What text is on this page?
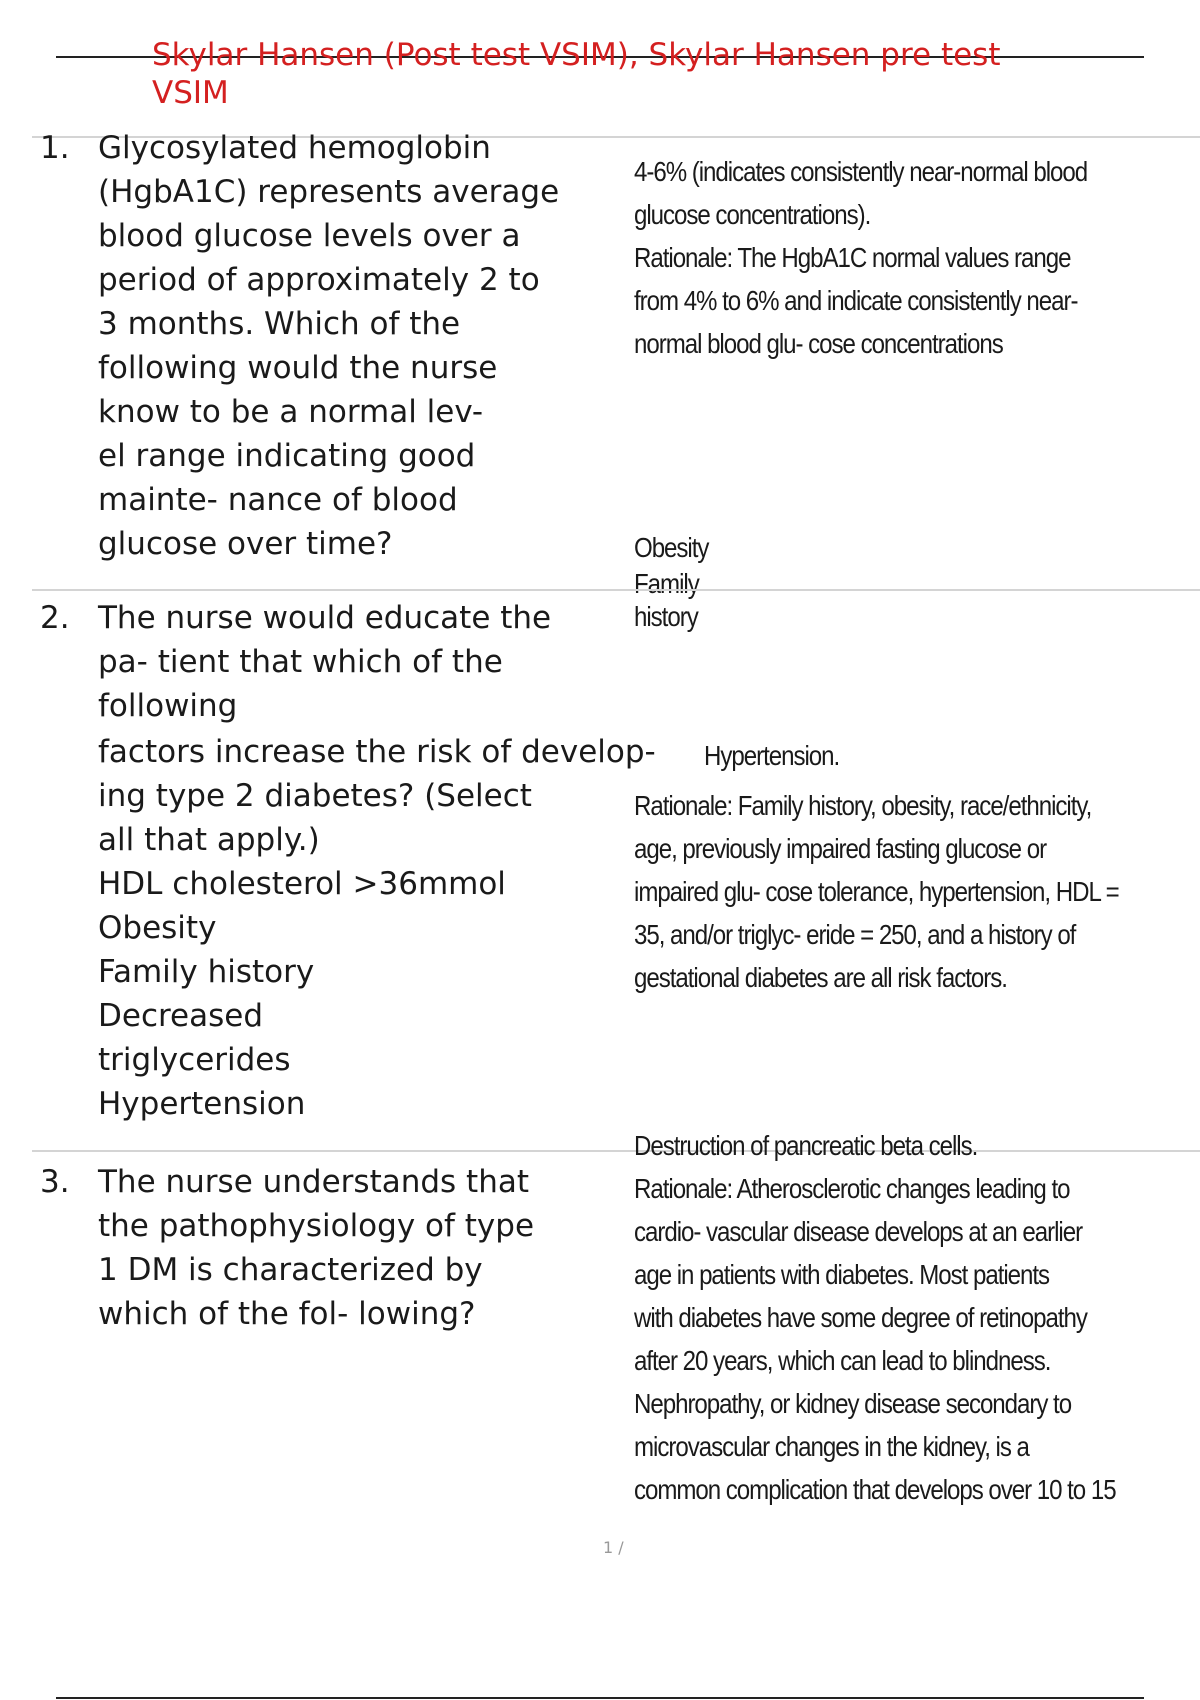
Skylar Hansen (Post test VSIM), Skylar Hansen pre test VSIM
1. Glycosylated hemoglobin
(HgbA1C) represents average
blood glucose levels over a
period of approximately 2 to
3 months. Which of the
following would the nurse
know to be a normal lev-
el range indicating good
mainte- nance of blood
glucose over time?
4-6% (indicates consistently near-normal blood
glucose concentrations).
Rationale: The HgbA1C normal values range
from 4% to 6% and indicate consistently near-
normal blood glu- cose concentrations
Obesity
Family
history
2. The nurse would educate the
pa- tient that which of the
following
factors increase the risk of develop-
ing type 2 diabetes? (Select
all that apply.)
HDL cholesterol >36mmol
Obesity
Family history
Decreased
triglycerides
Hypertension
Hypertension.
Rationale: Family history, obesity, race/ethnicity,
age, previously impaired fasting glucose or
impaired glu- cose tolerance, hypertension, HDL =
35, and/or triglyc- eride = 250, and a history of
gestational diabetes are all risk factors.
3. The nurse understands that
the pathophysiology of type
1 DM is characterized by
which of the fol- lowing?
Destruction of pancreatic beta cells.
Rationale: Atherosclerotic changes leading to
cardio- vascular disease develops at an earlier
age in patients with diabetes. Most patients
with diabetes have some degree of retinopathy
after 20 years, which can lead to blindness.
Nephropathy, or kidney disease secondary to
microvascular changes in the kidney, is a
common complication that develops over 10 to 15
1 /
